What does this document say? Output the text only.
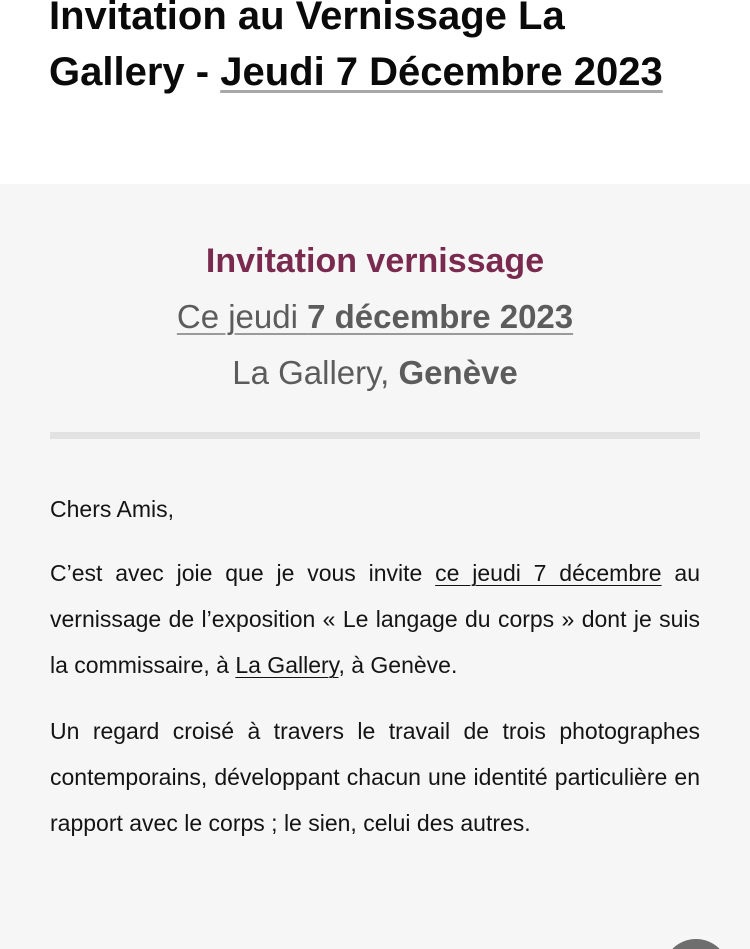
Invitation au Vernissage La Gallery - Jeudi 7 Décembre 2023
Invitation vernissage
Ce jeudi 7 décembre 2023
La Gallery, Genève

Chers Amis,

C’est avec joie que je vous invite ce jeudi 7 décembre au vernissage de l’exposition « Le langage du corps » dont je suis la commissaire, à La Gallery, à Genève.

Un regard croisé à travers le travail de trois photographes contemporains, développant chacun une identité particulière en rapport avec le corps ; le sien, celui des autres.
